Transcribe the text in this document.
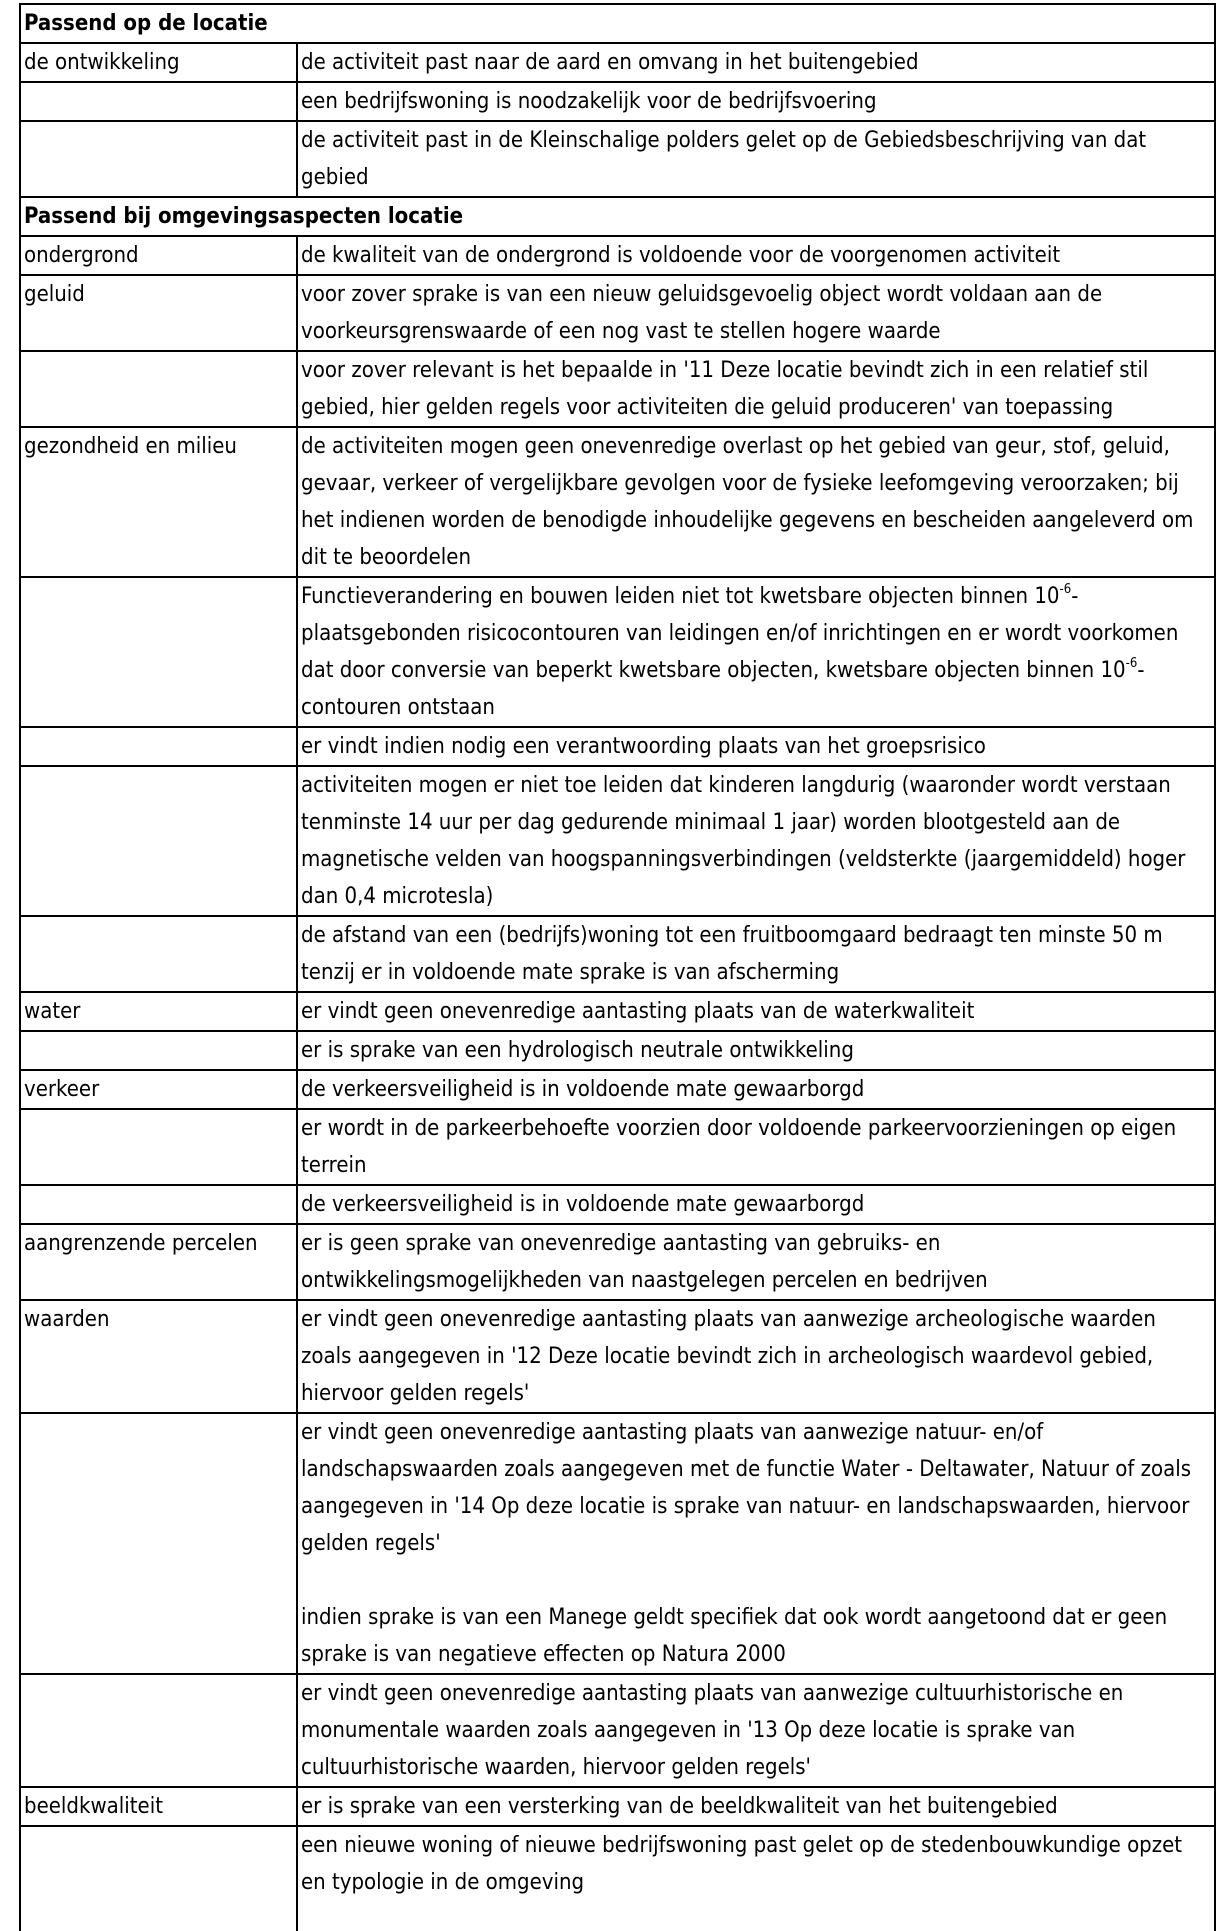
Passend op de locatie	
de ontwikkeling	de activiteit past naar de aard en omvang in het buitengebied

	een bedrijfswoning is noodzakelijk voor de bedrijfsvoering

	de activiteit past in de Kleinschalige polders gelet op de Gebiedsbeschrijving van dat gebied

Passend bij omgevingsaspecten locatie	
ondergrond	de kwaliteit van de ondergrond is voldoende voor de voorgenomen activiteit

geluid	voor zover sprake is van een nieuw geluidsgevoelig object wordt voldaan aan de voorkeursgrenswaarde of een nog vast te stellen hogere waarde

	voor zover relevant is het bepaalde in '11 Deze locatie bevindt zich in een relatief stil gebied, hier gelden regels voor activiteiten die geluid produceren' van toepassing

gezondheid en milieu	de activiteiten mogen geen onevenredige overlast op het gebied van geur, stof, geluid, gevaar, verkeer of vergelijkbare gevolgen voor de fysieke leefomgeving veroorzaken; bij het indienen worden de benodigde inhoudelijke gegevens en bescheiden aangeleverd om dit te beoordelen

	Functieverandering en bouwen leiden niet tot kwetsbare objecten binnen $10^{-6}$-plaatsgebonden risicocontouren van leidingen en/of inrichtingen en er wordt voorkomen dat door conversie van beperkt kwetsbare objecten, kwetsbare objecten binnen $10^{-6}$-contouren ontstaan

	er vindt indien nodig een verantwoording plaats van het groepsrisico

	activiteiten mogen er niet toe leiden dat kinderen langdurig (waaronder wordt verstaan tenminste 14 uur per dag gedurende minimaal 1 jaar) worden blootgesteld aan de magnetische velden van hoogspanningsverbindingen (veldsterkte (jaargemiddeld) hoger dan 0,4 microtesla)

	de afstand van een (bedrijfs)woning tot een fruitboomgaard bedraagt ten minste 50 m tenzij er in voldoende mate sprake is van afscherming

water	er vindt geen onevenredige aantasting plaats van de waterkwaliteit

	er is sprake van een hydrologisch neutrale ontwikkeling

verkeer	de verkeersveiligheid is in voldoende mate gewaarborgd

	er wordt in de parkeerbehoefte voorzien door voldoende parkeervoorzieningen op eigen terrein

	de verkeersveiligheid is in voldoende mate gewaarborgd

aangrenzende percelen	er is geen sprake van onevenredige aantasting van gebruiks- en ontwikkelingsmogelijkheden van naastgelegen percelen en bedrijven

waarden	er vindt geen onevenredige aantasting plaats van aanwezige archeologische waarden zoals aangegeven in '12 Deze locatie bevindt zich in archeologisch waardevol gebied, hiervoor gelden regels'

	er vindt geen onevenredige aantasting plaats van aanwezige natuur- en/of landschapswaarden zoals aangegeven met de functie Water - Deltawater, Natuur of zoals aangegeven in '14 Op deze locatie is sprake van natuur- en landschapswaarden, hiervoor gelden regels'
indien sprake is van een Manege geldt specifiek dat ook wordt aangetoond dat er geen sprake is van negatieve effecten op Natura 2000

	er vindt geen onevenredige aantasting plaats van aanwezige cultuurhistorische en monumentale waarden zoals aangegeven in '13 Op deze locatie is sprake van cultuurhistorische waarden, hiervoor gelden regels'

beeldkwaliteit	er is sprake van een versterking van de beeldkwaliteit van het buitengebied

	een nieuwe woning of nieuwe bedrijfswoning past gelet op de stedenbouwkundige opzet en typologie in de omgeving
